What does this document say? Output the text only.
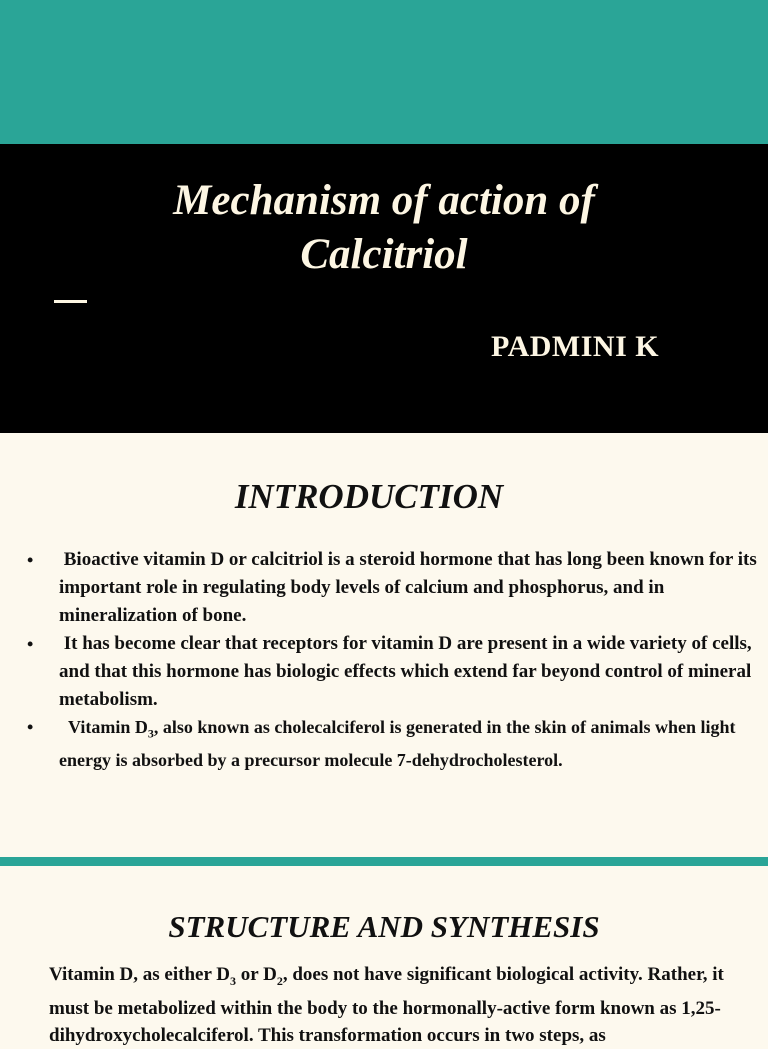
Mechanism of action of
Calcitriol
PADMINI K
INTRODUCTION
• Bioactive vitamin D or calcitriol is a steroid hormone that has long been known for its important role in regulating body levels of calcium and phosphorus, and in mineralization of bone.
• It has become clear that receptors for vitamin D are present in a wide variety of cells, and that this hormone has biologic effects which extend far beyond control of mineral metabolism.
• Vitamin $D_3$, also known as cholecalciferol is generated in the skin of animals when light energy is absorbed by a precursor molecule 7-dehydrocholesterol.
STRUCTURE AND SYNTHESIS
Vitamin D, as either $D_3$ or $D_2$, does not have significant biological activity. Rather, it must be metabolized within the body to the hormonally-active form known as 1,25-dihydroxycholecalciferol. This transformation occurs in two steps, as
